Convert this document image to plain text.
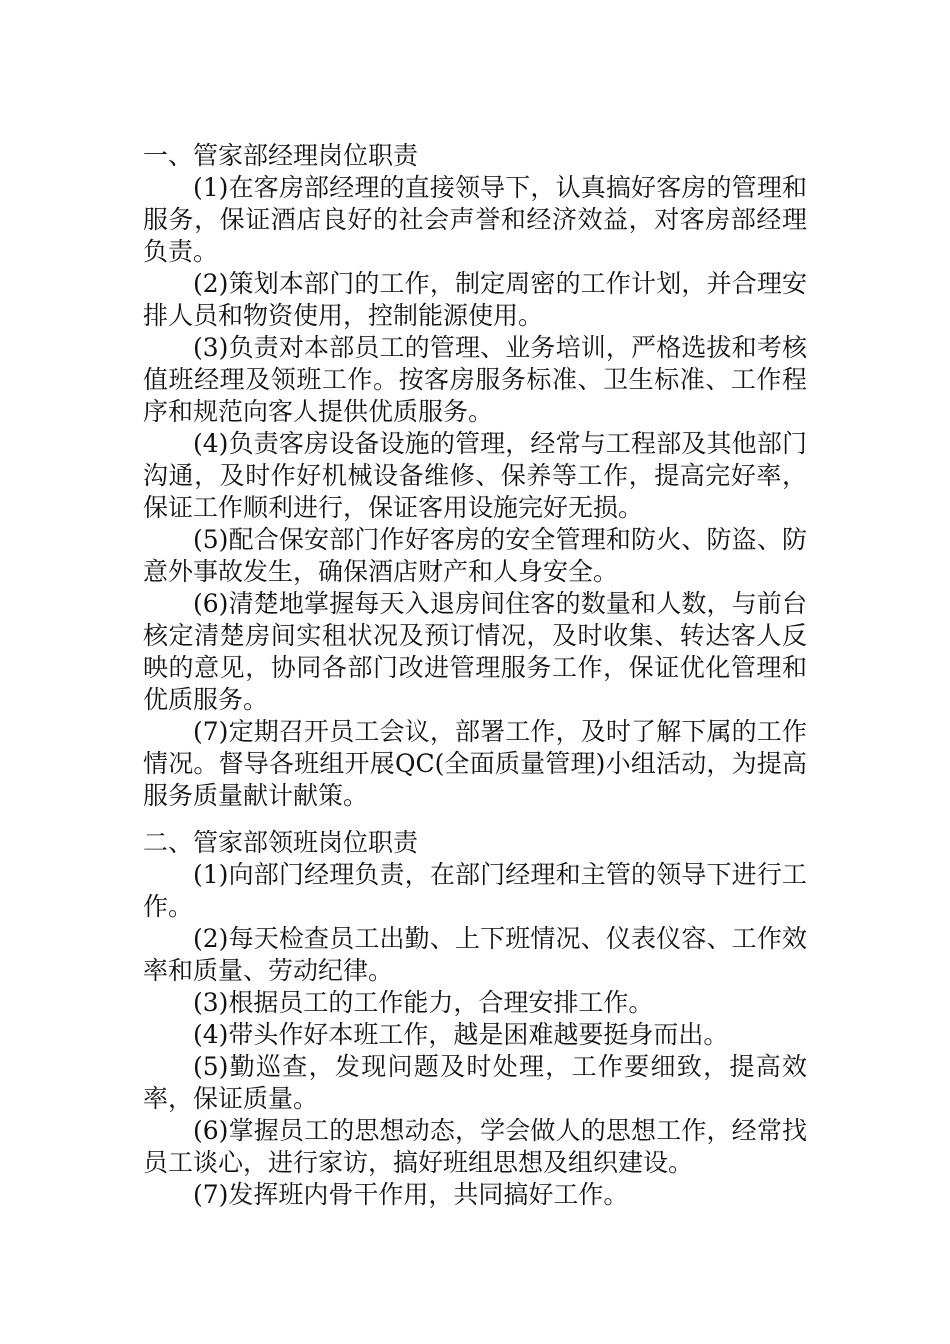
一、管家部经理岗位职责

(1)在客房部经理的直接领导下，认真搞好客房的管理和服务，保证酒店良好的社会声誉和经济效益，对客房部经理负责。

(2)策划本部门的工作，制定周密的工作计划，并合理安排人员和物资使用，控制能源使用。

(3)负责对本部员工的管理、业务培训，严格选拔和考核值班经理及领班工作。按客房服务标准、卫生标准、工作程序和规范向客人提供优质服务。

(4)负责客房设备设施的管理，经常与工程部及其他部门沟通，及时作好机械设备维修、保养等工作，提高完好率，保证工作顺利进行，保证客用设施完好无损。

(5)配合保安部门作好客房的安全管理和防火、防盗、防意外事故发生，确保酒店财产和人身安全。

(6)清楚地掌握每天入退房间住客的数量和人数，与前台核定清楚房间实租状况及预订情况，及时收集、转达客人反映的意见，协同各部门改进管理服务工作，保证优化管理和优质服务。

(7)定期召开员工会议，部署工作，及时了解下属的工作情况。督导各班组开展QC(全面质量管理)小组活动，为提高服务质量献计献策。

二、管家部领班岗位职责

(1)向部门经理负责，在部门经理和主管的领导下进行工作。

(2)每天检查员工出勤、上下班情况、仪表仪容、工作效率和质量、劳动纪律。

(3)根据员工的工作能力，合理安排工作。

(4)带头作好本班工作，越是困难越要挺身而出。

(5)勤巡查，发现问题及时处理，工作要细致，提高效率，保证质量。

(6)掌握员工的思想动态，学会做人的思想工作，经常找员工谈心，进行家访，搞好班组思想及组织建设。

(7)发挥班内骨干作用，共同搞好工作。
